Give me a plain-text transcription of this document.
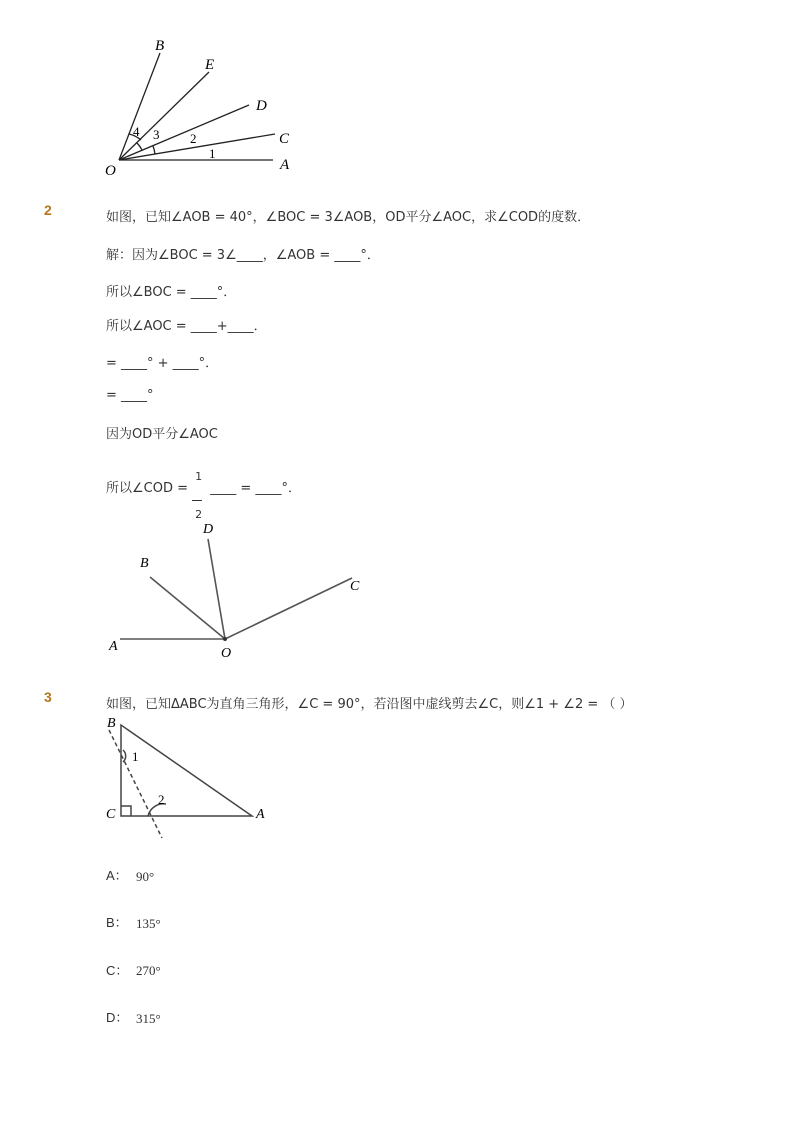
B
E
D
C
O	A
4 3 2
1
2	如图，已知∠AOB = 40°，∠BOC = 3∠AOB，OD平分∠AOC，求∠COD的度数．
解：因为∠BOC = 3∠____，∠AOB = ____°．
所以∠BOC = ____°．
所以∠AOC = ____+____．
= ____° + ____°．
= ____°
因为OD平分∠AOC
所以∠COD =
$\frac{1}{2}$
____ = ____°．
D
B
C
A	O
3	如图，已知ΔABC为直角三角形，∠C = 90°，若沿图中虚线剪去∠C，则∠1 + ∠2 = （ ）
B
C	A
1
2
A： 90°
B： 135°
C： 270°
D： 315°
